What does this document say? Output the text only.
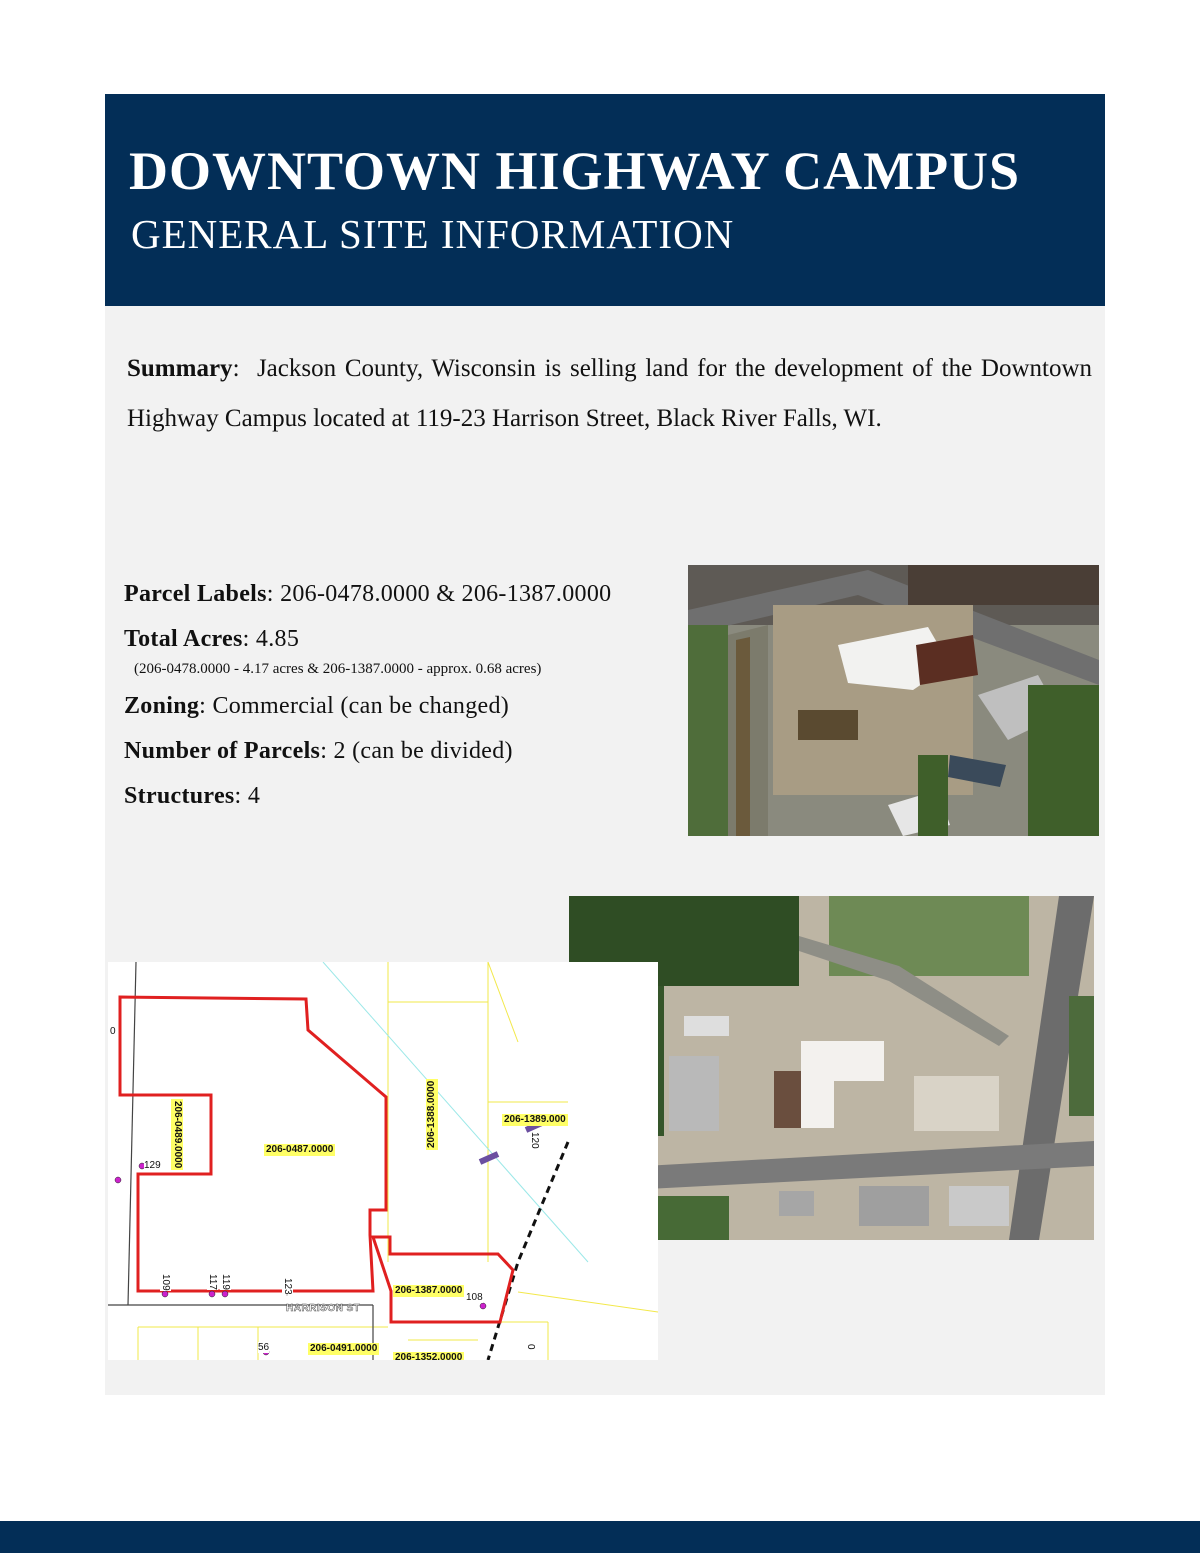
DOWNTOWN HIGHWAY CAMPUS
GENERAL SITE INFORMATION
Summary:  Jackson County, Wisconsin is selling land for the development of the Downtown Highway Campus located at 119-23 Harrison Street, Black River Falls, WI.
Parcel Labels: 206-0478.0000 & 206-1387.0000
Total Acres: 4.85
(206-0478.0000 - 4.17 acres & 206-1387.0000 - approx. 0.68 acres)
Zoning: Commercial (can be changed)
Number of Parcels: 2 (can be divided)
Structures: 4
206-0487.0000
206-0489.0000	206-1388.0000	206-1389.000
206-1387.0000
206-0491.0000
206-1352.0000
HARRISON ST
129
108
56
120
123
117 119
109
0
0
